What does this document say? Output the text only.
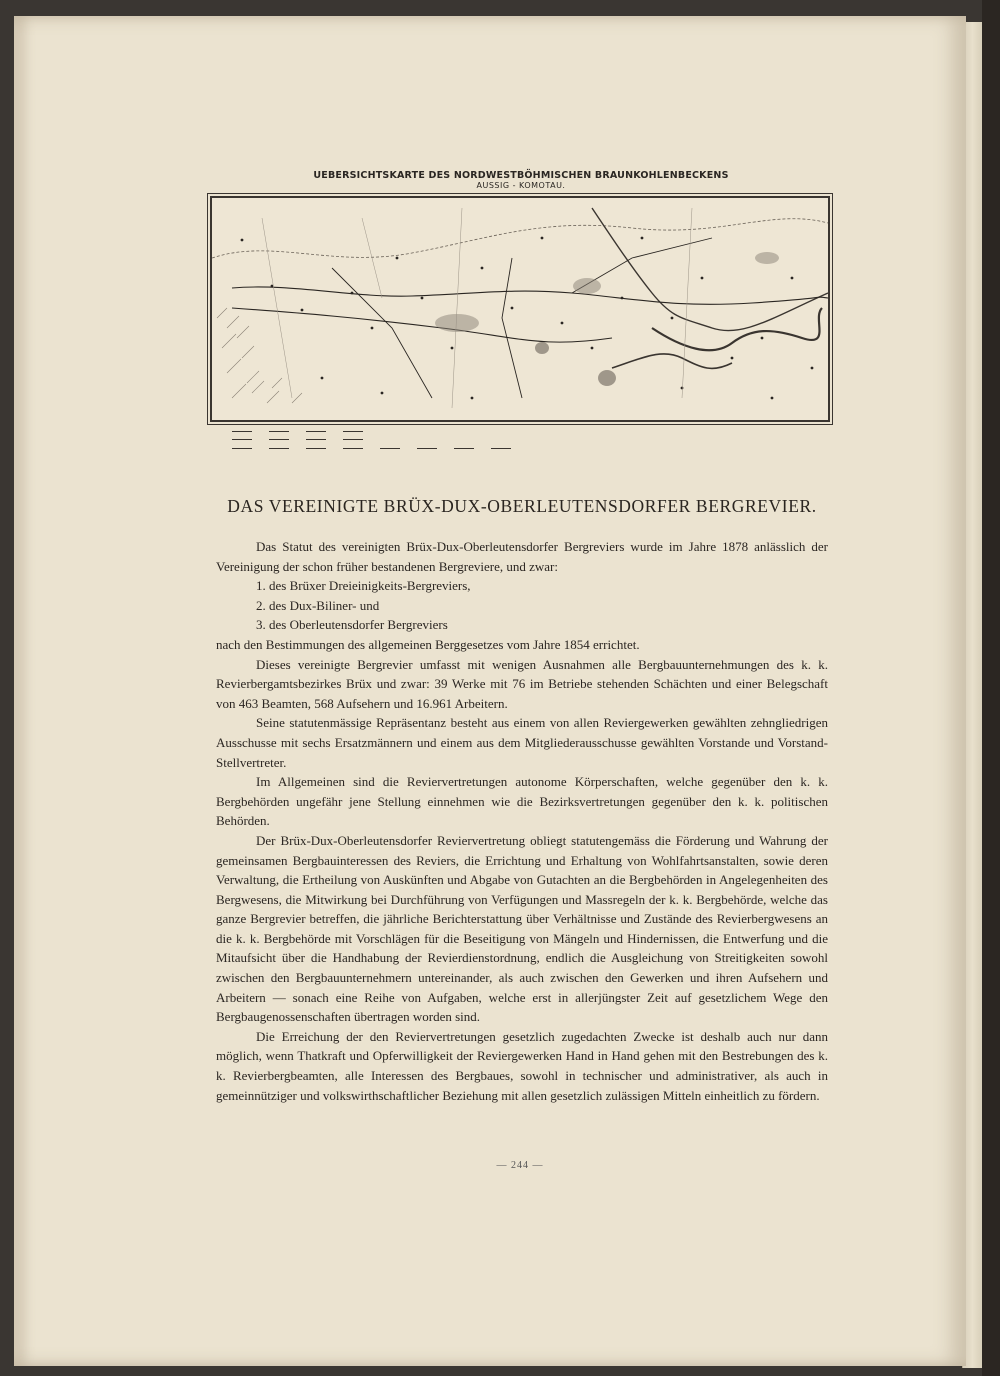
UEBERSICHTSKARTE DES NORDWESTBÖHMISCHEN BRAUNKOHLENBECKENS
AUSSIG - KOMOTAU.
DAS VEREINIGTE BRÜX-DUX-OBERLEUTENSDORFER BERGREVIER.

Das Statut des vereinigten Brüx-Dux-Oberleutensdorfer Bergreviers wurde im Jahre 1878 anlässlich der Vereinigung der schon früher bestandenen Bergreviere, und zwar:

1. des Brüxer Dreieinigkeits-Bergreviers,

2. des Dux-Biliner- und

3. des Oberleutensdorfer Bergreviers

nach den Bestimmungen des allgemeinen Berggesetzes vom Jahre 1854 errichtet.

Dieses vereinigte Bergrevier umfasst mit wenigen Ausnahmen alle Bergbauunternehmungen des k. k. Revierbergamtsbezirkes Brüx und zwar: 39 Werke mit 76 im Betriebe stehenden Schächten und einer Belegschaft von 463 Beamten, 568 Aufsehern und 16.961 Arbeitern.

Seine statutenmässige Repräsentanz besteht aus einem von allen Reviergewerken gewählten zehngliedrigen Ausschusse mit sechs Ersatzmännern und einem aus dem Mitgliederausschusse gewählten Vorstande und Vorstand-Stellvertreter.

Im Allgemeinen sind die Reviervertretungen autonome Körperschaften, welche gegenüber den k. k. Bergbehörden ungefähr jene Stellung einnehmen wie die Bezirksvertretungen gegenüber den k. k. politischen Behörden.

Der Brüx-Dux-Oberleutensdorfer Reviervertretung obliegt statutengemäss die Förderung und Wahrung der gemeinsamen Bergbauinteressen des Reviers, die Errichtung und Erhaltung von Wohlfahrtsanstalten, sowie deren Verwaltung, die Ertheilung von Auskünften und Abgabe von Gutachten an die Bergbehörden in Angelegenheiten des Bergwesens, die Mitwirkung bei Durchführung von Verfügungen und Massregeln der k. k. Bergbehörde, welche das ganze Bergrevier betreffen, die jährliche Berichterstattung über Verhältnisse und Zustände des Revierbergwesens an die k. k. Bergbehörde mit Vorschlägen für die Beseitigung von Mängeln und Hindernissen, die Entwerfung und die Mitaufsicht über die Handhabung der Revierdienstordnung, endlich die Ausgleichung von Streitigkeiten sowohl zwischen den Bergbauunternehmern untereinander, als auch zwischen den Gewerken und ihren Aufsehern und Arbeitern — sonach eine Reihe von Aufgaben, welche erst in allerjüngster Zeit auf gesetzlichem Wege den Bergbaugenossenschaften übertragen worden sind.

Die Erreichung der den Reviervertretungen gesetzlich zugedachten Zwecke ist deshalb auch nur dann möglich, wenn Thatkraft und Opferwilligkeit der Reviergewerken Hand in Hand gehen mit den Bestrebungen des k. k. Revierbergbeamten, alle Interessen des Bergbaues, sowohl in technischer und administrativer, als auch in gemeinnütziger und volkswirthschaftlicher Beziehung mit allen gesetzlich zulässigen Mitteln einheitlich zu fördern.

— 244 —
